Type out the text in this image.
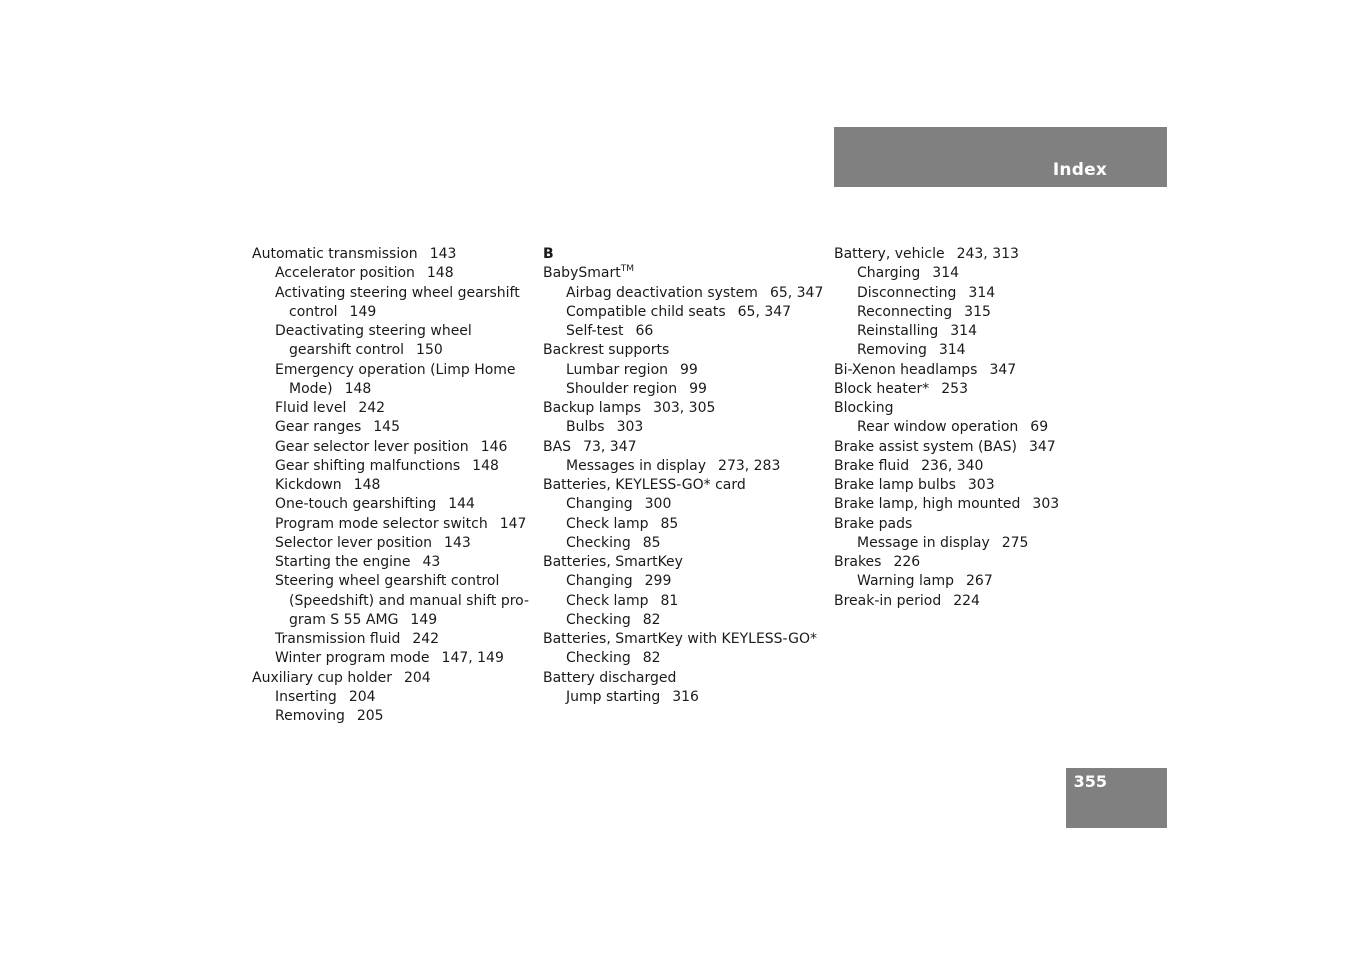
Index
Automatic transmission 143
Accelerator position 148
Activating steering wheel gearshift
control 149
Deactivating steering wheel
gearshift control 150
Emergency operation (Limp Home
Mode) 148
Fluid level 242
Gear ranges 145
Gear selector lever position 146
Gear shifting malfunctions 148
Kickdown 148
One-touch gearshifting 144
Program mode selector switch 147
Selector lever position 143
Starting the engine 43
Steering wheel gearshift control
(Speedshift) and manual shift pro-
gram S 55 AMG 149
Transmission fluid 242
Winter program mode 147, 149
Auxiliary cup holder 204
Inserting 204
Removing 205
B
BabySmart™
Airbag deactivation system 65, 347
Compatible child seats 65, 347
Self-test 66
Backrest supports
Lumbar region 99
Shoulder region 99
Backup lamps 303, 305
Bulbs 303
BAS 73, 347
Messages in display 273, 283
Batteries, KEYLESS-GO* card
Changing 300
Check lamp 85
Checking 85
Batteries, SmartKey
Changing 299
Check lamp 81
Checking 82
Batteries, SmartKey with KEYLESS-GO*
Checking 82
Battery discharged
Jump starting 316
Battery, vehicle 243, 313
Charging 314
Disconnecting 314
Reconnecting 315
Reinstalling 314
Removing 314
Bi-Xenon headlamps 347
Block heater* 253
Blocking
Rear window operation 69
Brake assist system (BAS) 347
Brake fluid 236, 340
Brake lamp bulbs 303
Brake lamp, high mounted 303
Brake pads
Message in display 275
Brakes 226
Warning lamp 267
Break-in period 224
355
